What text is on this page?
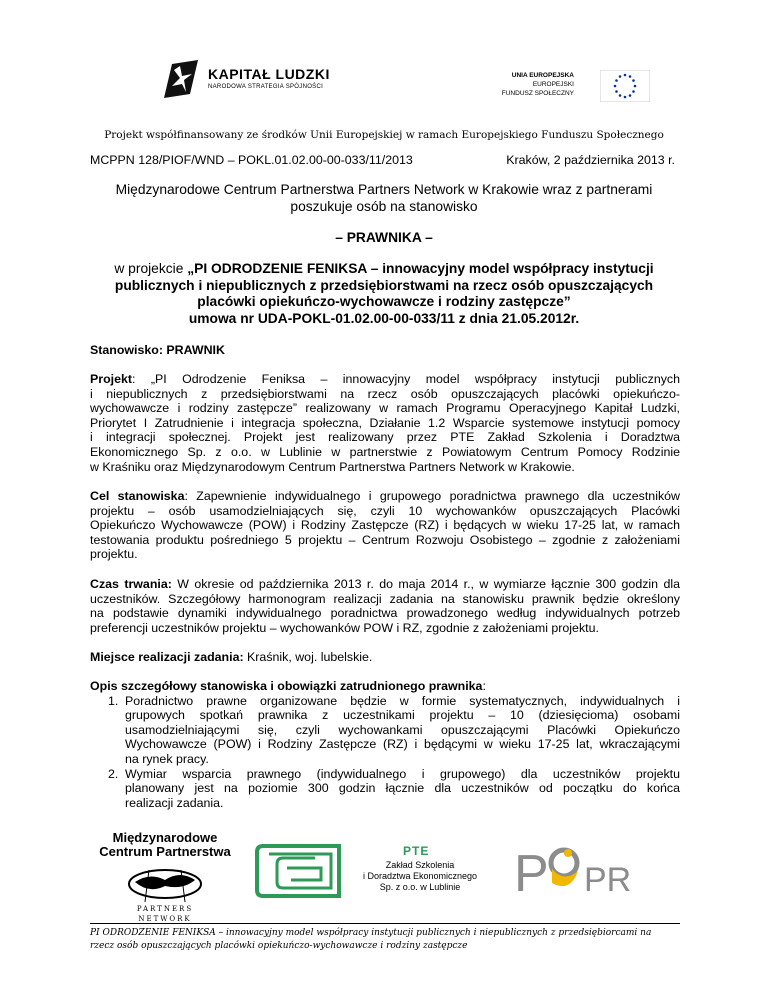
KAPITAŁ LUDZKI
NARODOWA STRATEGIA SPÓJNOŚCI
UNIA EUROPEJSKA
EUROPEJSKI
FUNDUSZ SPOŁECZNY
Projekt współfinansowany ze środków Unii Europejskiej w ramach Europejskiego Funduszu Społecznego
MCPPN 128/PIOF/WND – POKL.01.02.00-00-033/11/2013	Kraków, 2 października 2013 r.
Międzynarodowe Centrum Partnerstwa Partners Network w Krakowie wraz z partnerami
poszukuje osób na stanowisko
– PRAWNIKA –
w projekcie „PI ODRODZENIE FENIKSA – innowacyjny model współpracy instytucji
publicznych i niepublicznych z przedsiębiorstwami na rzecz osób opuszczających
placówki opiekuńczo-wychowawcze i rodziny zastępcze”
umowa nr UDA-POKL-01.02.00-00-033/11 z dnia 21.05.2012r.
Stanowisko: PRAWNIK
Projekt: „PI Odrodzenie Feniksa – innowacyjny model współpracy instytucji publicznych
i niepublicznych z przedsiębiorstwami na rzecz osób opuszczających placówki opiekuńczo-
wychowawcze i rodziny zastępcze” realizowany w ramach Programu Operacyjnego Kapitał Ludzki,
Priorytet I Zatrudnienie i integracja społeczna, Działanie 1.2 Wsparcie systemowe instytucji pomocy
i integracji społecznej. Projekt jest realizowany przez PTE Zakład Szkolenia i Doradztwa
Ekonomicznego Sp. z o.o. w Lublinie w partnerstwie z Powiatowym Centrum Pomocy Rodzinie
w Kraśniku oraz Międzynarodowym Centrum Partnerstwa Partners Network w Krakowie.
Cel stanowiska: Zapewnienie indywidualnego i grupowego poradnictwa prawnego dla uczestników
projektu – osób usamodzielniających się, czyli 10 wychowanków opuszczających Placówki
Opiekuńczo Wychowawcze (POW) i Rodziny Zastępcze (RZ) i będących w wieku 17-25 lat, w ramach
testowania produktu pośredniego 5 projektu – Centrum Rozwoju Osobistego – zgodnie z założeniami
projektu.
Czas trwania: W okresie od października 2013 r. do maja 2014 r., w wymiarze łącznie 300 godzin dla
uczestników. Szczegółowy harmonogram realizacji zadania na stanowisku prawnik będzie określony
na podstawie dynamiki indywidualnego poradnictwa prowadzonego według indywidualnych potrzeb
preferencji uczestników projektu – wychowanków POW i RZ, zgodnie z założeniami projektu.
Miejsce realizacji zadania: Kraśnik, woj. lubelskie.
Opis szczegółowy stanowiska i obowiązki zatrudnionego prawnika:
1. Poradnictwo prawne organizowane będzie w formie systematycznych, indywidualnych i
grupowych spotkań prawnika z uczestnikami projektu – 10 (dziesięcioma) osobami
usamodzielniającymi się, czyli wychowankami opuszczającymi Placówki Opiekuńczo
Wychowawcze (POW) i Rodziny Zastępcze (RZ) i będącymi w wieku 17-25 lat, wkraczającymi
na rynek pracy.
2. Wymiar wsparcia prawnego (indywidualnego i grupowego) dla uczestników projektu
planowany jest na poziomie 300 godzin łącznie dla uczestników od początku do końca
realizacji zadania.
Międzynarodowe
Centrum Partnerstwa
PARTNERS
NETWORK
PTE
Zakład Szkolenia
i Doradztwa Ekonomicznego
Sp. z o.o. w Lublinie	P PR
PI ODRODZENIE FENIKSA – innowacyjny model współpracy instytucji publicznych i niepublicznych z przedsiębiorcami na
rzecz osób opuszczających placówki opiekuńczo-wychowawcze i rodziny zastępcze
